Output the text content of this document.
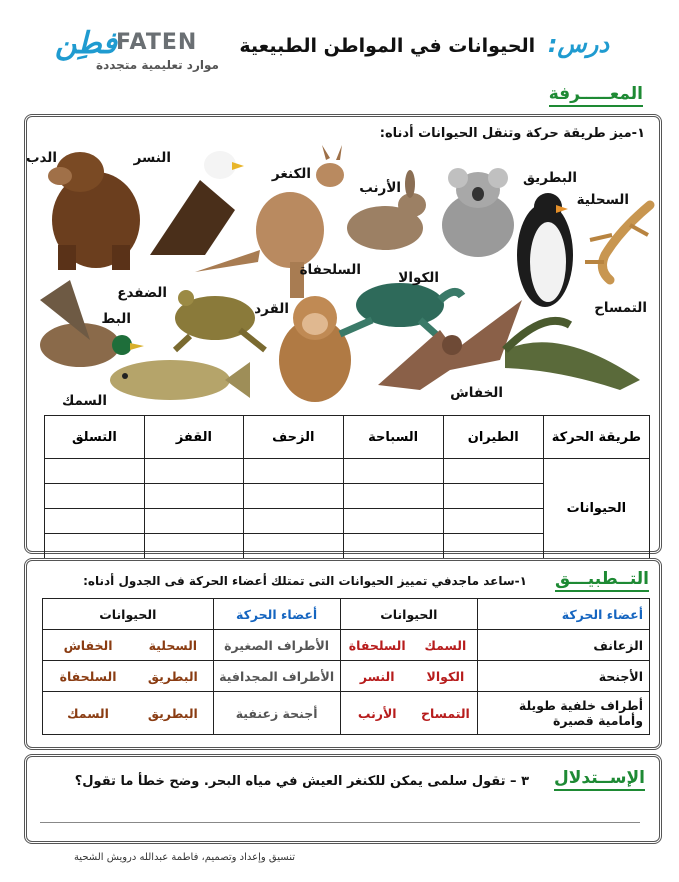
فطِن FATEN
موارد تعليمية متجددة
درس: الحيوانات في المواطن الطبيعية
المعـــــرفة
١-ميز طريقة حركة وتنقل الحيوانات أدناه:
الدب	النسر
الكنغر
الأرنب
البطريق
السحلية
السلحفاة	الكوالا
الضفدع
البط
القرد	التمساح
الخفاش
السمك
طريقة الحركة	الطيران	السباحة	الزحف	القفز	التسلق
الحيوانات					

التــطبيـــق
١-ساعد ماجدفي تمييز الحيوانات التى تمتلك أعضاء الحركة فى الجدول أدناه:
أعضاء الحركة	الحيوانات		أعضاء الحركة	الحيوانات	
الزعانف	السمك	السلحفاة	الأطراف الصغيرة	السحلية	الخفاش
الأجنحة	الكوالا	النسر	الأطراف المجدافية	البطريق	السلحفاة
أطراف خلفية طويلة وأمامية قصيرة	التمساح	الأرنب	أجنحة زعنفية	البطريق	السمك
الإســتدلال
٣ – تقول سلمى يمكن للكنغر العيش في مياه البحر. وضح خطأ ما تقول؟
تنسيق وإعداد وتصميم، فاطمة عبدالله درويش الشحية
